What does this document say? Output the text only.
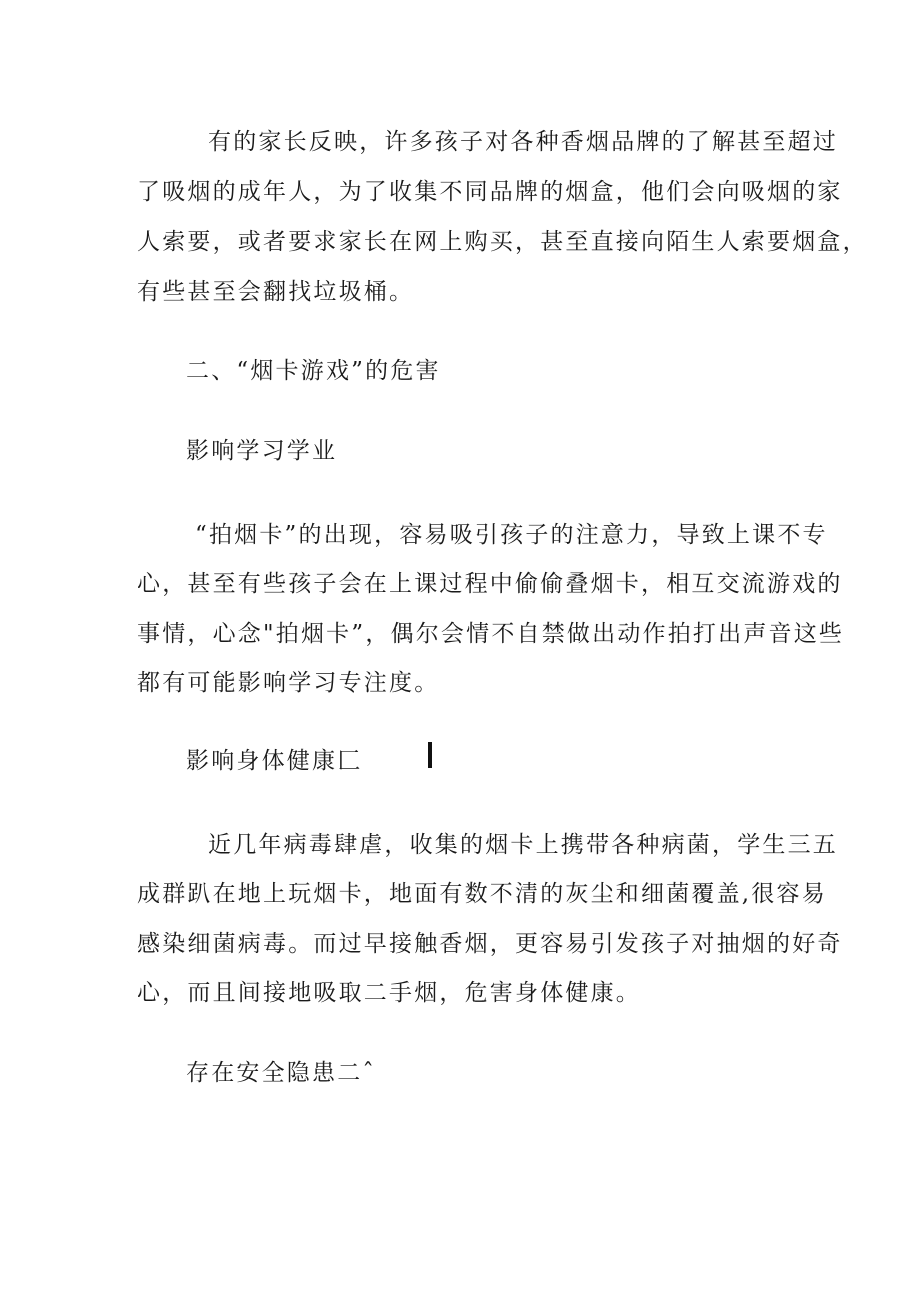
有的家长反映，许多孩子对各种香烟品牌的了解甚至超过
了吸烟的成年人，为了收集不同品牌的烟盒，他们会向吸烟的家
人索要，或者要求家长在网上购买，甚至直接向陌生人索要烟盒，
有些甚至会翻找垃圾桶。
二、“烟卡游戏”的危害
影响学习学业
“拍烟卡”的出现，容易吸引孩子的注意力，导致上课不专
心，甚至有些孩子会在上课过程中偷偷叠烟卡，相互交流游戏的
事情，心念"拍烟卡”，偶尔会情不自禁做出动作拍打出声音这些
都有可能影响学习专注度。
影响身体健康匚
近几年病毒肆虐，收集的烟卡上携带各种病菌，学生三五
成群趴在地上玩烟卡，地面有数不清的灰尘和细菌覆盖,很容易
感染细菌病毒。而过早接触香烟，更容易引发孩子对抽烟的好奇
心，而且间接地吸取二手烟，危害身体健康。
存在安全隐患二ˆ
